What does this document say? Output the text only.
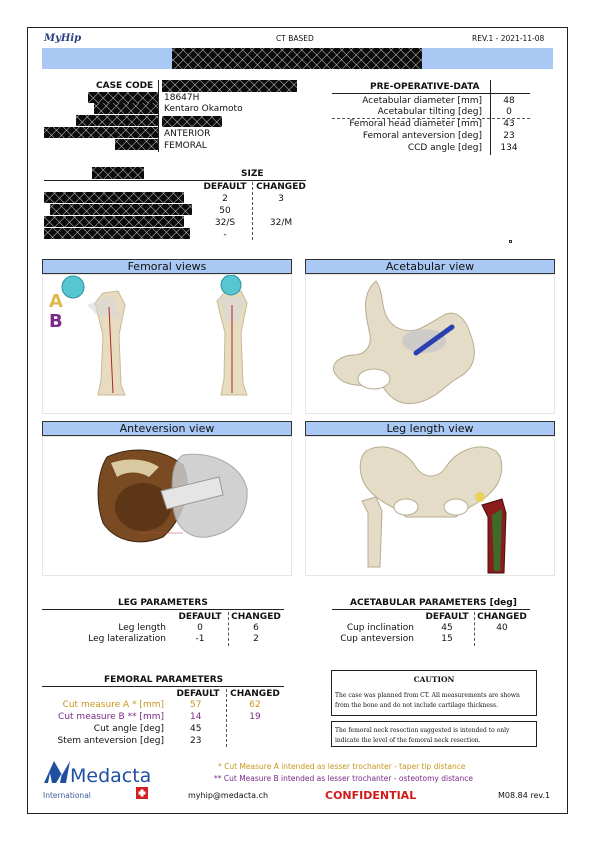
MyHip	CT BASED	REV.1 - 2021-11-08
CASE CODE
18647H
Kentaro Okamoto
ANTERIOR
FEMORAL
PRE-OPERATIVE-DATA
Acetabular diameter [mm]	48
Acetabular tilting [deg]	0
Femoral head diameter [mm]	43
Femoral anteversion [deg]	23
CCD angle [deg]	134
SIZE
DEFAULT	CHANGED
2	3
50
32/S	32/M
-
Femoral views
A
B
Acetabular view
Anteversion view	Leg length view
LEG PARAMETERS
DEFAULT	CHANGED
Leg length	0	6
Leg lateralization	-1	2
ACETABULAR PARAMETERS [deg]
DEFAULT CHANGED
Cup inclination	45	40
Cup anteversion	15
FEMORAL PARAMETERS
DEFAULT	CHANGED
Cut measure A * [mm]	57	62
Cut measure B ** [mm]	14	19
Cut angle [deg]	45
Stem anteversion [deg]	23
CAUTION
The case was planned from CT. All measurements are shown from the bone and do not include cartilage thickness.
The femoral neck resection suggested is intended to only indicate the level of the femoral neck resection.
Medacta
International
* Cut Measure A intended as lesser trochanter - taper tip distance
** Cut Measure B intended as lesser trochanter - osteotomy distance
myhip@medacta.ch	CONFIDENTIAL	M08.84 rev.1
